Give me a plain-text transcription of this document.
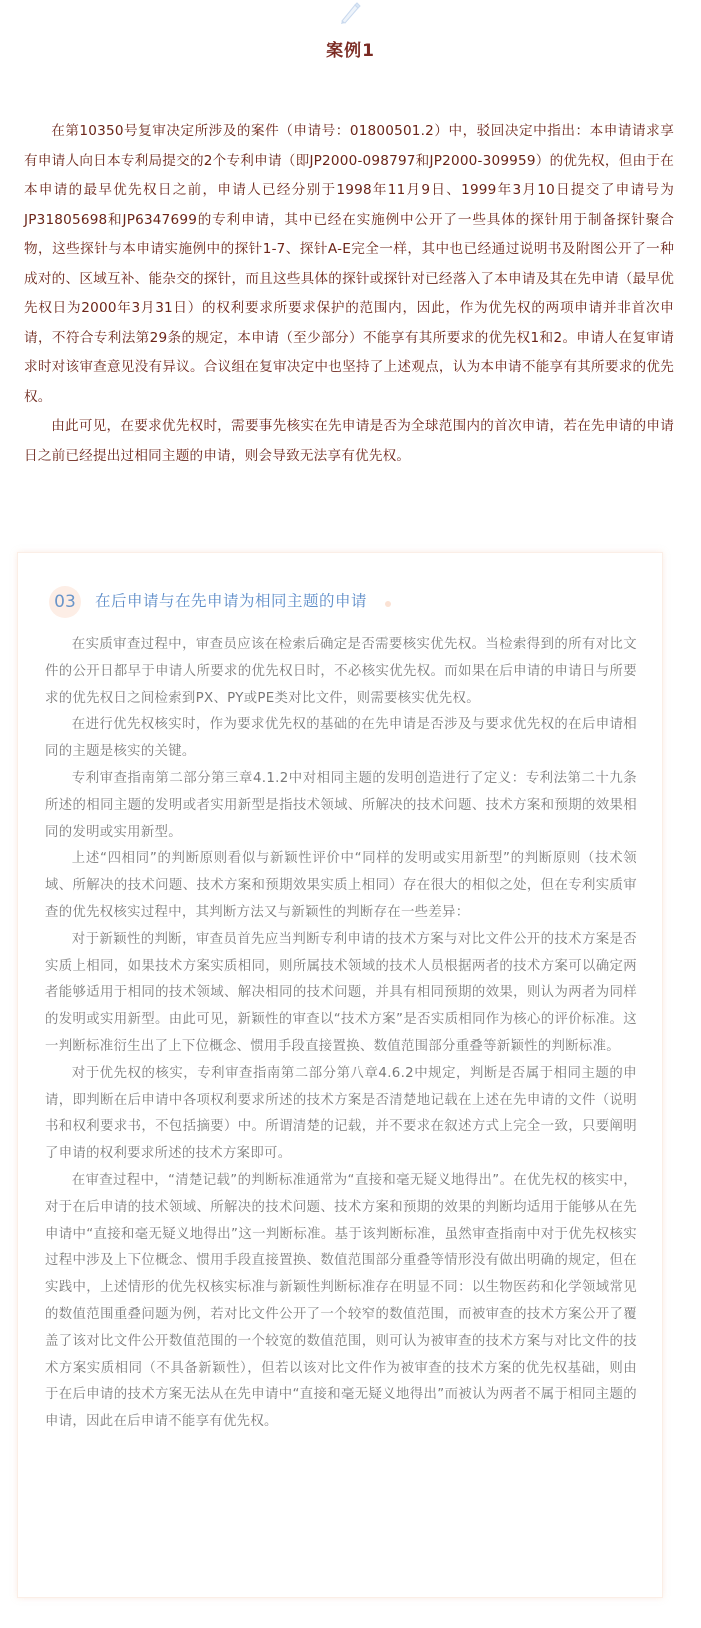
案例1

在第10350号复审决定所涉及的案件（申请号：01800501.2）中，驳回决定中指出：本申请请求享有申请人向日本专利局提交的2个专利申请（即JP2000-098797和JP2000-309959）的优先权，但由于在本申请的最早优先权日之前，申请人已经分别于1998年11月9日、1999年3月10日提交了申请号为JP31805698和JP6347699的专利申请，其中已经在实施例中公开了一些具体的探针用于制备探针聚合物，这些探针与本申请实施例中的探针1-7、探针A-E完全一样，其中也已经通过说明书及附图公开了一种成对的、区域互补、能杂交的探针，而且这些具体的探针或探针对已经落入了本申请及其在先申请（最早优先权日为2000年3月31日）的权利要求所要求保护的范围内，因此，作为优先权的两项申请并非首次申请，不符合专利法第29条的规定，本申请（至少部分）不能享有其所要求的优先权1和2。申请人在复审请求时对该审查意见没有异议。合议组在复审决定中也坚持了上述观点，认为本申请不能享有其所要求的优先权。

由此可见，在要求优先权时，需要事先核实在先申请是否为全球范围内的首次申请，若在先申请的申请日之前已经提出过相同主题的申请，则会导致无法享有优先权。

03	在后申请与在先申请为相同主题的申请

在实质审查过程中，审查员应该在检索后确定是否需要核实优先权。当检索得到的所有对比文件的公开日都早于申请人所要求的优先权日时，不必核实优先权。而如果在后申请的申请日与所要求的优先权日之间检索到PX、PY或PE类对比文件，则需要核实优先权。

在进行优先权核实时，作为要求优先权的基础的在先申请是否涉及与要求优先权的在后申请相同的主题是核实的关键。

专利审查指南第二部分第三章4.1.2中对相同主题的发明创造进行了定义：专利法第二十九条所述的相同主题的发明或者实用新型是指技术领域、所解决的技术问题、技术方案和预期的效果相同的发明或实用新型。

上述“四相同”的判断原则看似与新颖性评价中“同样的发明或实用新型”的判断原则（技术领域、所解决的技术问题、技术方案和预期效果实质上相同）存在很大的相似之处，但在专利实质审查的优先权核实过程中，其判断方法又与新颖性的判断存在一些差异：

对于新颖性的判断，审查员首先应当判断专利申请的技术方案与对比文件公开的技术方案是否实质上相同，如果技术方案实质相同，则所属技术领域的技术人员根据两者的技术方案可以确定两者能够适用于相同的技术领域、解决相同的技术问题，并具有相同预期的效果，则认为两者为同样的发明或实用新型。由此可见，新颖性的审查以“技术方案”是否实质相同作为核心的评价标准。这一判断标准衍生出了上下位概念、惯用手段直接置换、数值范围部分重叠等新颖性的判断标准。

对于优先权的核实，专利审查指南第二部分第八章4.6.2中规定，判断是否属于相同主题的申请，即判断在后申请中各项权利要求所述的技术方案是否清楚地记载在上述在先申请的文件（说明书和权利要求书，不包括摘要）中。所谓清楚的记载，并不要求在叙述方式上完全一致，只要阐明了申请的权利要求所述的技术方案即可。

在审查过程中，“清楚记载”的判断标准通常为“直接和毫无疑义地得出”。在优先权的核实中，对于在后申请的技术领域、所解决的技术问题、技术方案和预期的效果的判断均适用于能够从在先申请中“直接和毫无疑义地得出”这一判断标准。基于该判断标准，虽然审查指南中对于优先权核实过程中涉及上下位概念、惯用手段直接置换、数值范围部分重叠等情形没有做出明确的规定，但在实践中，上述情形的优先权核实标准与新颖性判断标准存在明显不同：以生物医药和化学领域常见的数值范围重叠问题为例，若对比文件公开了一个较窄的数值范围，而被审查的技术方案公开了覆盖了该对比文件公开数值范围的一个较宽的数值范围，则可认为被审查的技术方案与对比文件的技术方案实质相同（不具备新颖性），但若以该对比文件作为被审查的技术方案的优先权基础，则由于在后申请的技术方案无法从在先申请中“直接和毫无疑义地得出”而被认为两者不属于相同主题的申请，因此在后申请不能享有优先权。
